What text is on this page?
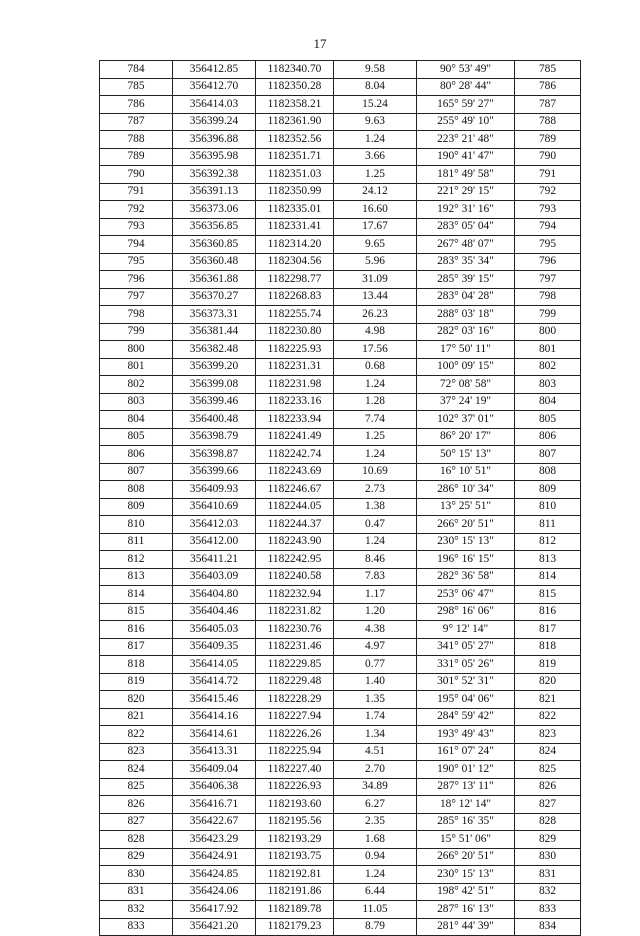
17
784	356412.85	1182340.70	9.58	90° 53' 49"	785
785	356412.70	1182350.28	8.04	80° 28' 44"	786
786	356414.03	1182358.21	15.24	165° 59' 27"	787
787	356399.24	1182361.90	9.63	255° 49' 10"	788
788	356396.88	1182352.56	1.24	223° 21' 48"	789
789	356395.98	1182351.71	3.66	190° 41' 47"	790
790	356392.38	1182351.03	1.25	181° 49' 58"	791
791	356391.13	1182350.99	24.12	221° 29' 15"	792
792	356373.06	1182335.01	16.60	192° 31' 16"	793
793	356356.85	1182331.41	17.67	283° 05' 04"	794
794	356360.85	1182314.20	9.65	267° 48' 07"	795
795	356360.48	1182304.56	5.96	283° 35' 34"	796
796	356361.88	1182298.77	31.09	285° 39' 15"	797
797	356370.27	1182268.83	13.44	283° 04' 28"	798
798	356373.31	1182255.74	26.23	288° 03' 18"	799
799	356381.44	1182230.80	4.98	282° 03' 16"	800
800	356382.48	1182225.93	17.56	17° 50' 11"	801
801	356399.20	1182231.31	0.68	100° 09' 15"	802
802	356399.08	1182231.98	1.24	72° 08' 58"	803
803	356399.46	1182233.16	1.28	37° 24' 19"	804
804	356400.48	1182233.94	7.74	102° 37' 01"	805
805	356398.79	1182241.49	1.25	86° 20' 17"	806
806	356398.87	1182242.74	1.24	50° 15' 13"	807
807	356399.66	1182243.69	10.69	16° 10' 51"	808
808	356409.93	1182246.67	2.73	286° 10' 34"	809
809	356410.69	1182244.05	1.38	13° 25' 51"	810
810	356412.03	1182244.37	0.47	266° 20' 51"	811
811	356412.00	1182243.90	1.24	230° 15' 13"	812
812	356411.21	1182242.95	8.46	196° 16' 15"	813
813	356403.09	1182240.58	7.83	282° 36' 58"	814
814	356404.80	1182232.94	1.17	253° 06' 47"	815
815	356404.46	1182231.82	1.20	298° 16' 06"	816
816	356405.03	1182230.76	4.38	9° 12' 14"	817
817	356409.35	1182231.46	4.97	341° 05' 27"	818
818	356414.05	1182229.85	0.77	331° 05' 26"	819
819	356414.72	1182229.48	1.40	301° 52' 31"	820
820	356415.46	1182228.29	1.35	195° 04' 06"	821
821	356414.16	1182227.94	1.74	284° 59' 42"	822
822	356414.61	1182226.26	1.34	193° 49' 43"	823
823	356413.31	1182225.94	4.51	161° 07' 24"	824
824	356409.04	1182227.40	2.70	190° 01' 12"	825
825	356406.38	1182226.93	34.89	287° 13' 11"	826
826	356416.71	1182193.60	6.27	18° 12' 14"	827
827	356422.67	1182195.56	2.35	285° 16' 35"	828
828	356423.29	1182193.29	1.68	15° 51' 06"	829
829	356424.91	1182193.75	0.94	266° 20' 51"	830
830	356424.85	1182192.81	1.24	230° 15' 13"	831
831	356424.06	1182191.86	6.44	198° 42' 51"	832
832	356417.92	1182189.78	11.05	287° 16' 13"	833
833	356421.20	1182179.23	8.79	281° 44' 39"	834
